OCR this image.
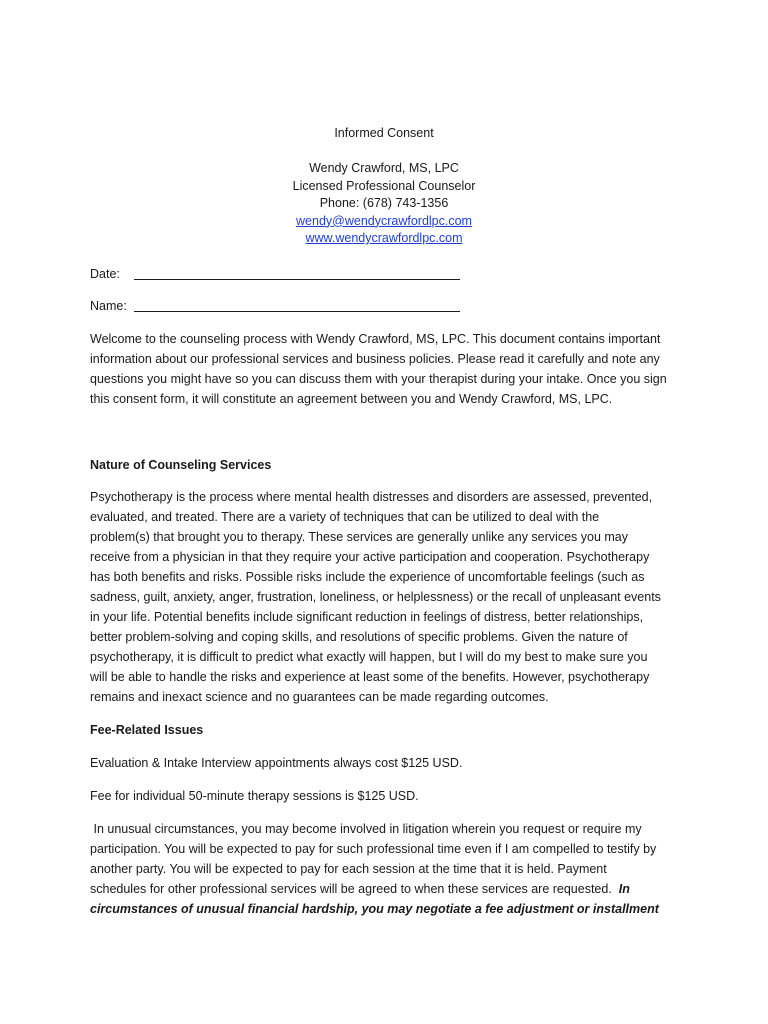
Informed Consent
Wendy Crawford, MS, LPC
Licensed Professional Counselor
Phone: (678) 743-1356
wendy@wendycrawfordlpc.com
www.wendycrawfordlpc.com
Date:
Name:

Welcome to the counseling process with Wendy Crawford, MS, LPC. This document contains important
information about our professional services and business policies. Please read it carefully and note any
questions you might have so you can discuss them with your therapist during your intake. Once you sign
this consent form, it will constitute an agreement between you and Wendy Crawford, MS, LPC.

Nature of Counseling Services

Psychotherapy is the process where mental health distresses and disorders are assessed, prevented,
evaluated, and treated. There are a variety of techniques that can be utilized to deal with the
problem(s) that brought you to therapy. These services are generally unlike any services you may
receive from a physician in that they require your active participation and cooperation. Psychotherapy
has both benefits and risks. Possible risks include the experience of uncomfortable feelings (such as
sadness, guilt, anxiety, anger, frustration, loneliness, or helplessness) or the recall of unpleasant events
in your life. Potential benefits include significant reduction in feelings of distress, better relationships,
better problem-solving and coping skills, and resolutions of specific problems. Given the nature of
psychotherapy, it is difficult to predict what exactly will happen, but I will do my best to make sure you
will be able to handle the risks and experience at least some of the benefits. However, psychotherapy
remains and inexact science and no guarantees can be made regarding outcomes.

Fee-Related Issues

Evaluation & Intake Interview appointments always cost $125 USD.

Fee for individual 50-minute therapy sessions is $125 USD.

In unusual circumstances, you may become involved in litigation wherein you request or require my
participation. You will be expected to pay for such professional time even if I am compelled to testify by
another party. You will be expected to pay for each session at the time that it is held. Payment
schedules for other professional services will be agreed to when these services are requested.  In
circumstances of unusual financial hardship, you may negotiate a fee adjustment or installment
